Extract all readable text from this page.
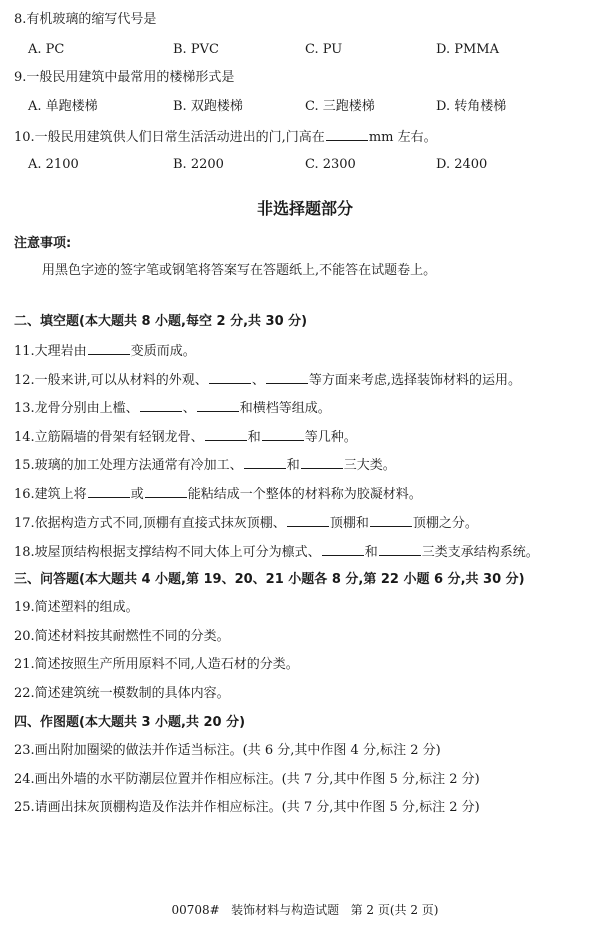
8.有机玻璃的缩写代号是
A. PC	B. PVC	C. PU	D. PMMA
9.一般民用建筑中最常用的楼梯形式是
A. 单跑楼梯	B. 双跑楼梯	C. 三跑楼梯	D. 转角楼梯
10.一般民用建筑供人们日常生活活动进出的门,门高在	mm 左右。
A. 2100	B. 2200	C. 2300	D. 2400
非选择题部分
注意事项:
用黑色字迹的签字笔或钢笔将答案写在答题纸上,不能答在试题卷上。
二、填空题(本大题共 8 小题,每空 2 分,共 30 分)
11.大理岩由	变质而成。
12.一般来讲,可以从材料的外观、	、	等方面来考虑,选择装饰材料的运用。
13.龙骨分别由上槛、	、	和横档等组成。
14.立筋隔墙的骨架有轻钢龙骨、	和	等几种。
15.玻璃的加工处理方法通常有冷加工、	和	三大类。
16.建筑上将	或	能粘结成一个整体的材料称为胶凝材料。
17.依据构造方式不同,顶棚有直接式抹灰顶棚、	顶棚和	顶棚之分。
18.坡屋顶结构根据支撑结构不同大体上可分为檩式、	和	三类支承结构系统。
三、问答题(本大题共 4 小题,第 19、20、21 小题各 8 分,第 22 小题 6 分,共 30 分)
19.简述塑料的组成。
20.简述材料按其耐燃性不同的分类。
21.简述按照生产所用原料不同,人造石材的分类。
22.简述建筑统一模数制的具体内容。
四、作图题(本大题共 3 小题,共 20 分)
23.画出附加圈梁的做法并作适当标注。(共 6 分,其中作图 4 分,标注 2 分)
24.画出外墙的水平防潮层位置并作相应标注。(共 7 分,其中作图 5 分,标注 2 分)
25.请画出抹灰顶棚构造及作法并作相应标注。(共 7 分,其中作图 5 分,标注 2 分)
00708#   装饰材料与构造试题   第 2 页(共 2 页)
